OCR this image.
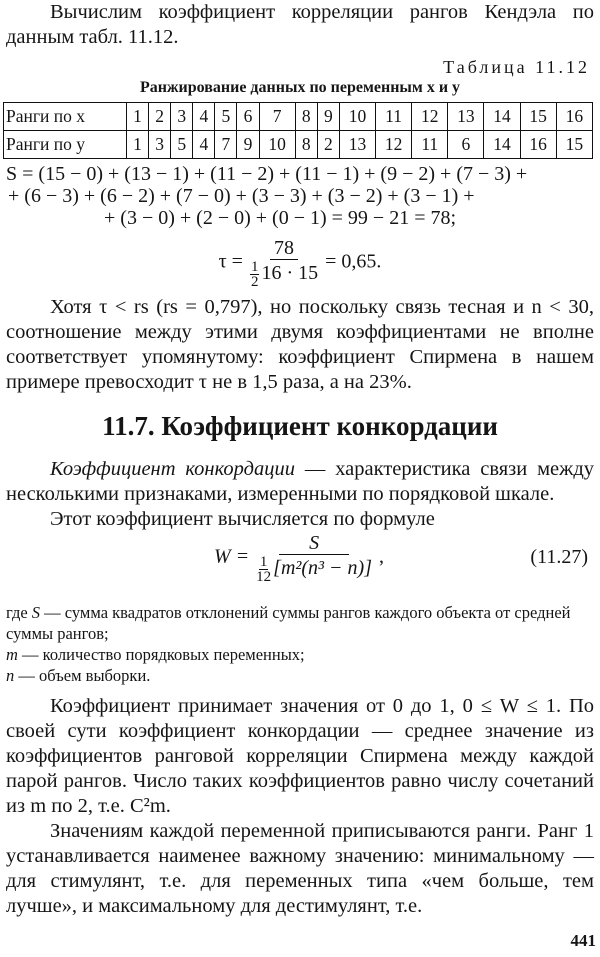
Вычислим коэффициент корреляции рангов Кендэла по данным табл. 11.12.

Таблица 11.12

Ранжирование данных по переменным x и y

Ранги по x	1	2	3	4	5	6	7	8	9	10	11	12	13	14	15	16
Ранги по y	1	3	5	4	7	9	10	8	2	13	12	11	6	14	16	15

S = (15 − 0) + (13 − 1) + (11 − 2) + (11 − 1) + (9 − 2) + (7 − 3) +

+ (6 − 3) + (6 − 2) + (7 − 0) + (3 − 3) + (3 − 2) + (3 − 1) +

+ (3 − 0) + (2 − 0) + (0 − 1) = 99 − 21 = 78;

$\tau = \frac{78}{\frac{1}{2} 16 \cdot 15} = 0,65$.

Хотя τ < rs (rs = 0,797), но поскольку связь тесная и n < 30, соотношение между этими двумя коэффициентами не вполне соответствует упомянутому: коэффициент Спирмена в нашем примере превосходит τ не в 1,5 раза, а на 23%.

11.7. Коэффициент конкордации

Коэффициент конкордации — характеристика связи между несколькими признаками, измеренными по порядковой шкале.

Этот коэффициент вычисляется по формуле

$W = \frac{S}{\frac{1}{12} [m^2(n^3 - n)]}$ ,	(11.27)

где S — сумма квадратов отклонений суммы рангов каждого объекта от средней суммы рангов;

m — количество порядковых переменных;

n — объем выборки.

Коэффициент принимает значения от 0 до 1, 0 ≤ W ≤ 1. По своей сути коэффициент конкордации — среднее значение из коэффициентов ранговой корреляции Спирмена между каждой парой рангов. Число таких коэффициентов равно числу сочетаний из m по 2, т.е. C²m.

Значениям каждой переменной приписываются ранги. Ранг 1 устанавливается наименее важному значению: минимальному — для стимулянт, т.е. для переменных типа «чем больше, тем лучше», и максимальному для дестимулянт, т.е.

441
